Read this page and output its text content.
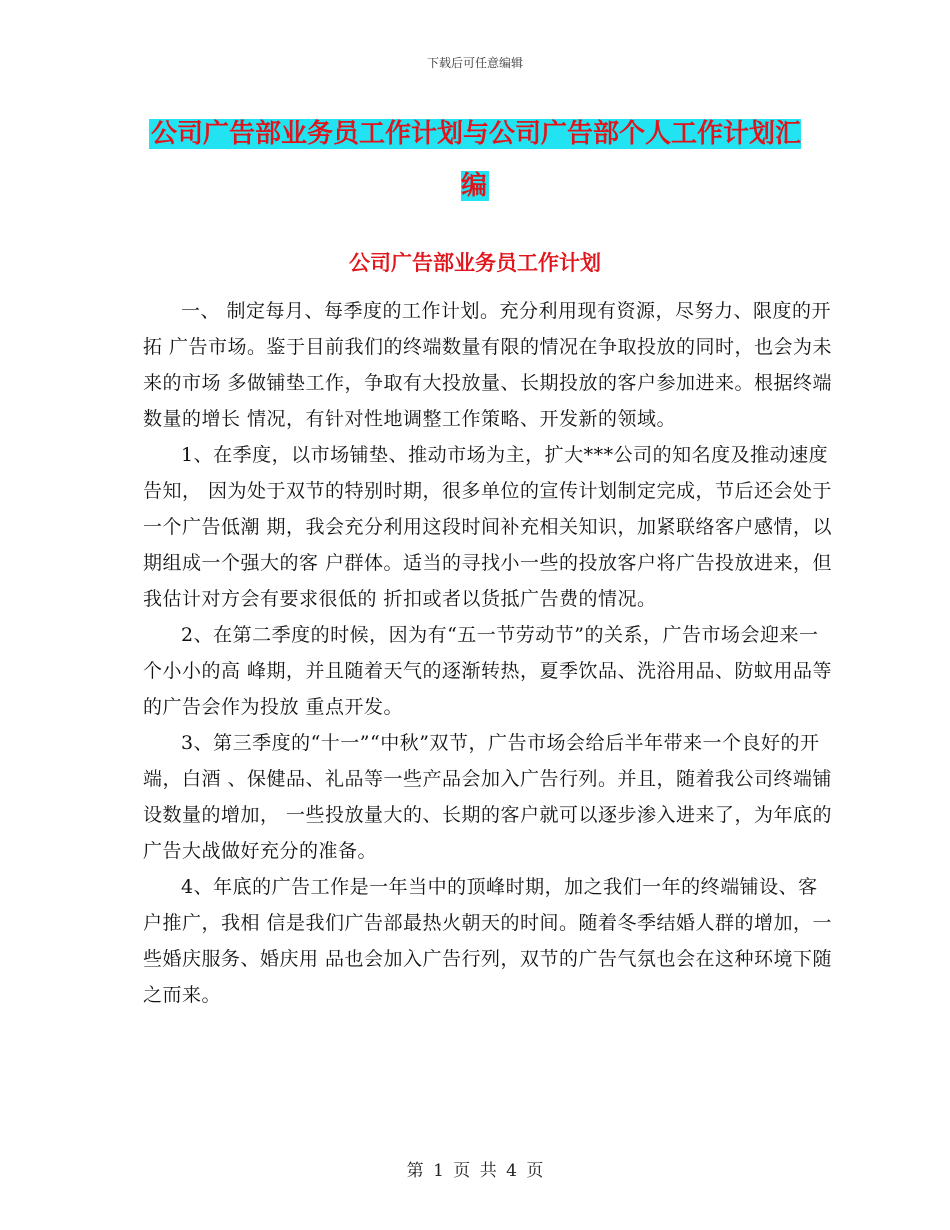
下载后可任意编辑
公司广告部业务员工作计划与公司广告部个人工作计划汇编
公司广告部业务员工作计划

一、 制定每月、每季度的工作计划。充分利用现有资源，尽努力、限度的开拓 广告市场。鉴于目前我们的终端数量有限的情况在争取投放的同时，也会为未来的市场 多做铺垫工作，争取有大投放量、长期投放的客户参加进来。根据终端数量的增长 情况，有针对性地调整工作策略、开发新的领域。

1、在季度，以市场铺垫、推动市场为主，扩大***公司的知名度及推动速度告知， 因为处于双节的特别时期，很多单位的宣传计划制定完成，节后还会处于一个广告低潮 期，我会充分利用这段时间补充相关知识，加紧联络客户感情，以期组成一个强大的客 户群体。适当的寻找小一些的投放客户将广告投放进来，但我估计对方会有要求很低的 折扣或者以货抵广告费的情况。

2、在第二季度的时候，因为有“五一节劳动节”的关系，广告市场会迎来一个小小的高 峰期，并且随着天气的逐渐转热，夏季饮品、洗浴用品、防蚊用品等的广告会作为投放 重点开发。

3、第三季度的“十一”“中秋”双节，广告市场会给后半年带来一个良好的开端，白酒 、保健品、礼品等一些产品会加入广告行列。并且，随着我公司终端铺设数量的增加， 一些投放量大的、长期的客户就可以逐步渗入进来了，为年底的广告大战做好充分的准备。

4、年底的广告工作是一年当中的顶峰时期，加之我们一年的终端铺设、客户推广，我相 信是我们广告部最热火朝天的时间。随着冬季结婚人群的增加，一些婚庆服务、婚庆用 品也会加入广告行列，双节的广告气氛也会在这种环境下随之而来。

第 1 页 共 4 页
